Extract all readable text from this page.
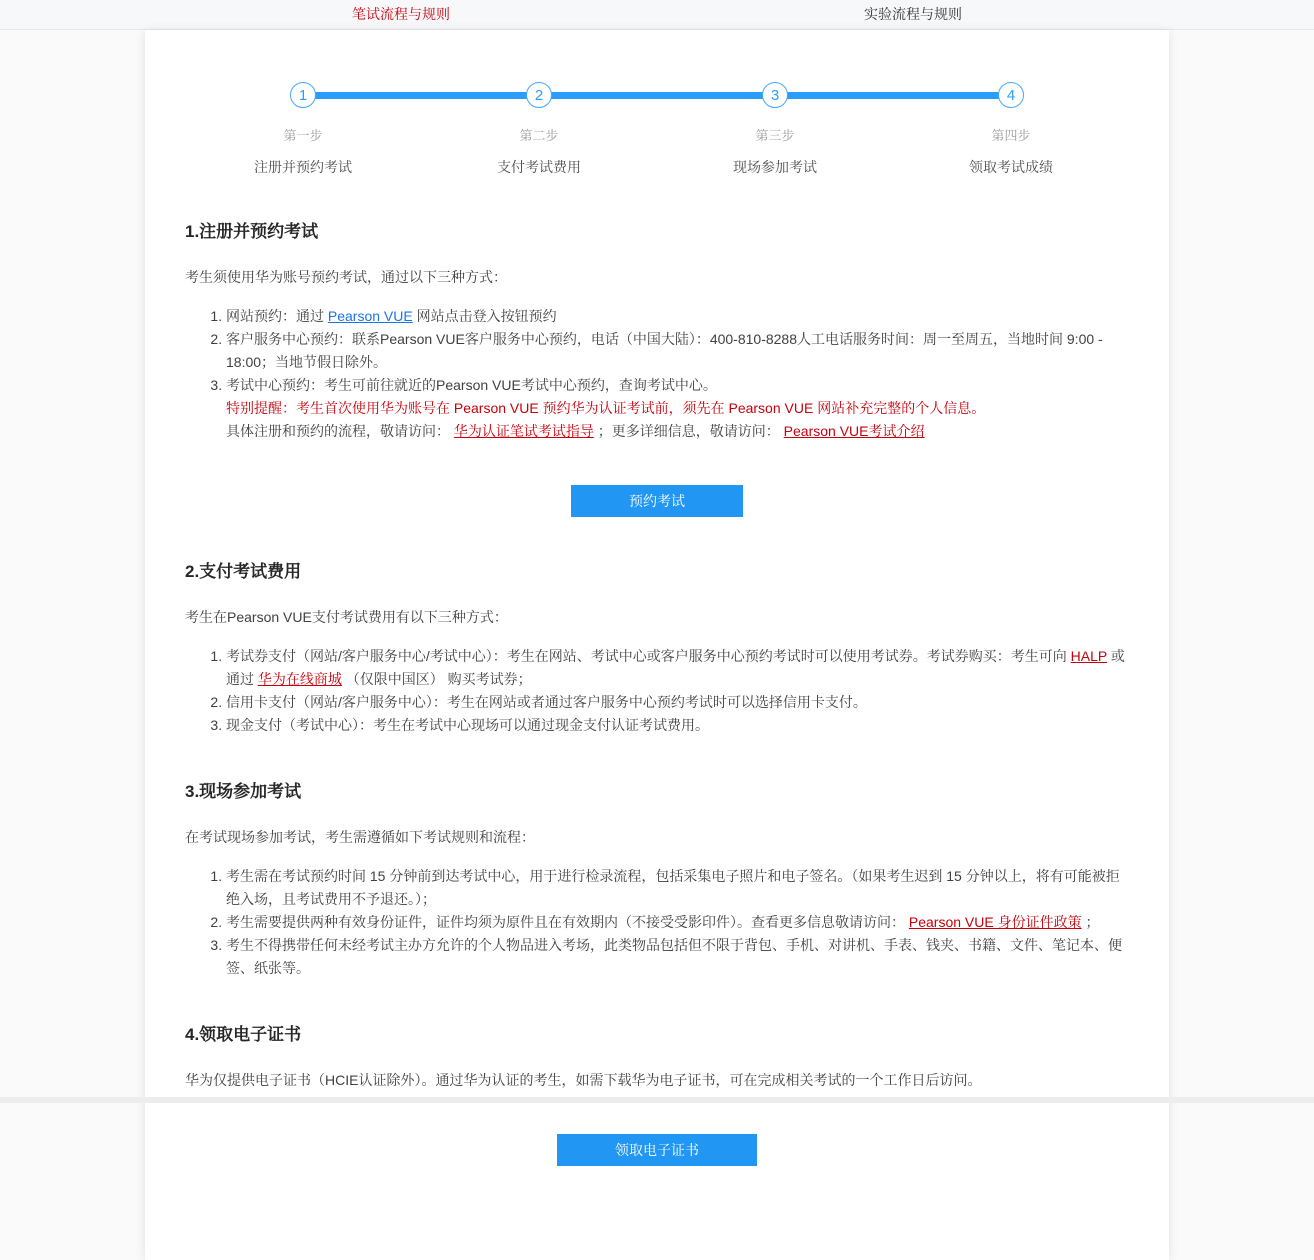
笔试流程与规则	实验流程与规则
1
第一步
注册并预约考试
2
第二步
支付考试费用
3
第三步
现场参加考试
4
第四步
领取考试成绩
1.注册并预约考试

考生须使用华为账号预约考试，通过以下三种方式：

1. 网站预约：通过 Pearson VUE 网站点击登入按钮预约
2. 客户服务中心预约：联系Pearson VUE客户服务中心预约，电话（中国大陆）：400-810-8288人工电话服务时间：周一至周五，当地时间 9:00 - 18:00；当地节假日除外。
3. 考试中心预约：考生可前往就近的Pearson VUE考试中心预约，查询考试中心。

特别提醒：考生首次使用华为账号在 Pearson VUE 预约华为认证考试前，须先在 Pearson VUE 网站补充完整的个人信息。

具体注册和预约的流程，敬请访问： 华为认证笔试考试指导 ；更多详细信息，敬请访问： Pearson VUE考试介绍

预约考试
2.支付考试费用

考生在Pearson VUE支付考试费用有以下三种方式：

1. 考试券支付（网站/客户服务中心/考试中心）：考生在网站、考试中心或客户服务中心预约考试时可以使用考试券。考试券购买：考生可向 HALP 或通过 华为在线商城 （仅限中国区） 购买考试券；
2. 信用卡支付（网站/客户服务中心）：考生在网站或者通过客户服务中心预约考试时可以选择信用卡支付。
3. 现金支付（考试中心）：考生在考试中心现场可以通过现金支付认证考试费用。
3.现场参加考试

在考试现场参加考试，考生需遵循如下考试规则和流程：

1. 考生需在考试预约时间 15 分钟前到达考试中心，用于进行检录流程，包括采集电子照片和电子签名。（如果考生迟到 15 分钟以上，将有可能被拒绝入场，且考试费用不予退还。）；
2. 考生需要提供两种有效身份证件，证件均须为原件且在有效期内（不接受受影印件）。查看更多信息敬请访问： Pearson VUE 身份证件政策 ；
3. 考生不得携带任何未经考试主办方允许的个人物品进入考场，此类物品包括但不限于背包、手机、对讲机、手表、钱夹、书籍、文件、笔记本、便签、纸张等。
4.领取电子证书

华为仅提供电子证书（HCIE认证除外）。通过华为认证的考生，如需下载华为电子证书，可在完成相关考试的一个工作日后访问。

领取电子证书
